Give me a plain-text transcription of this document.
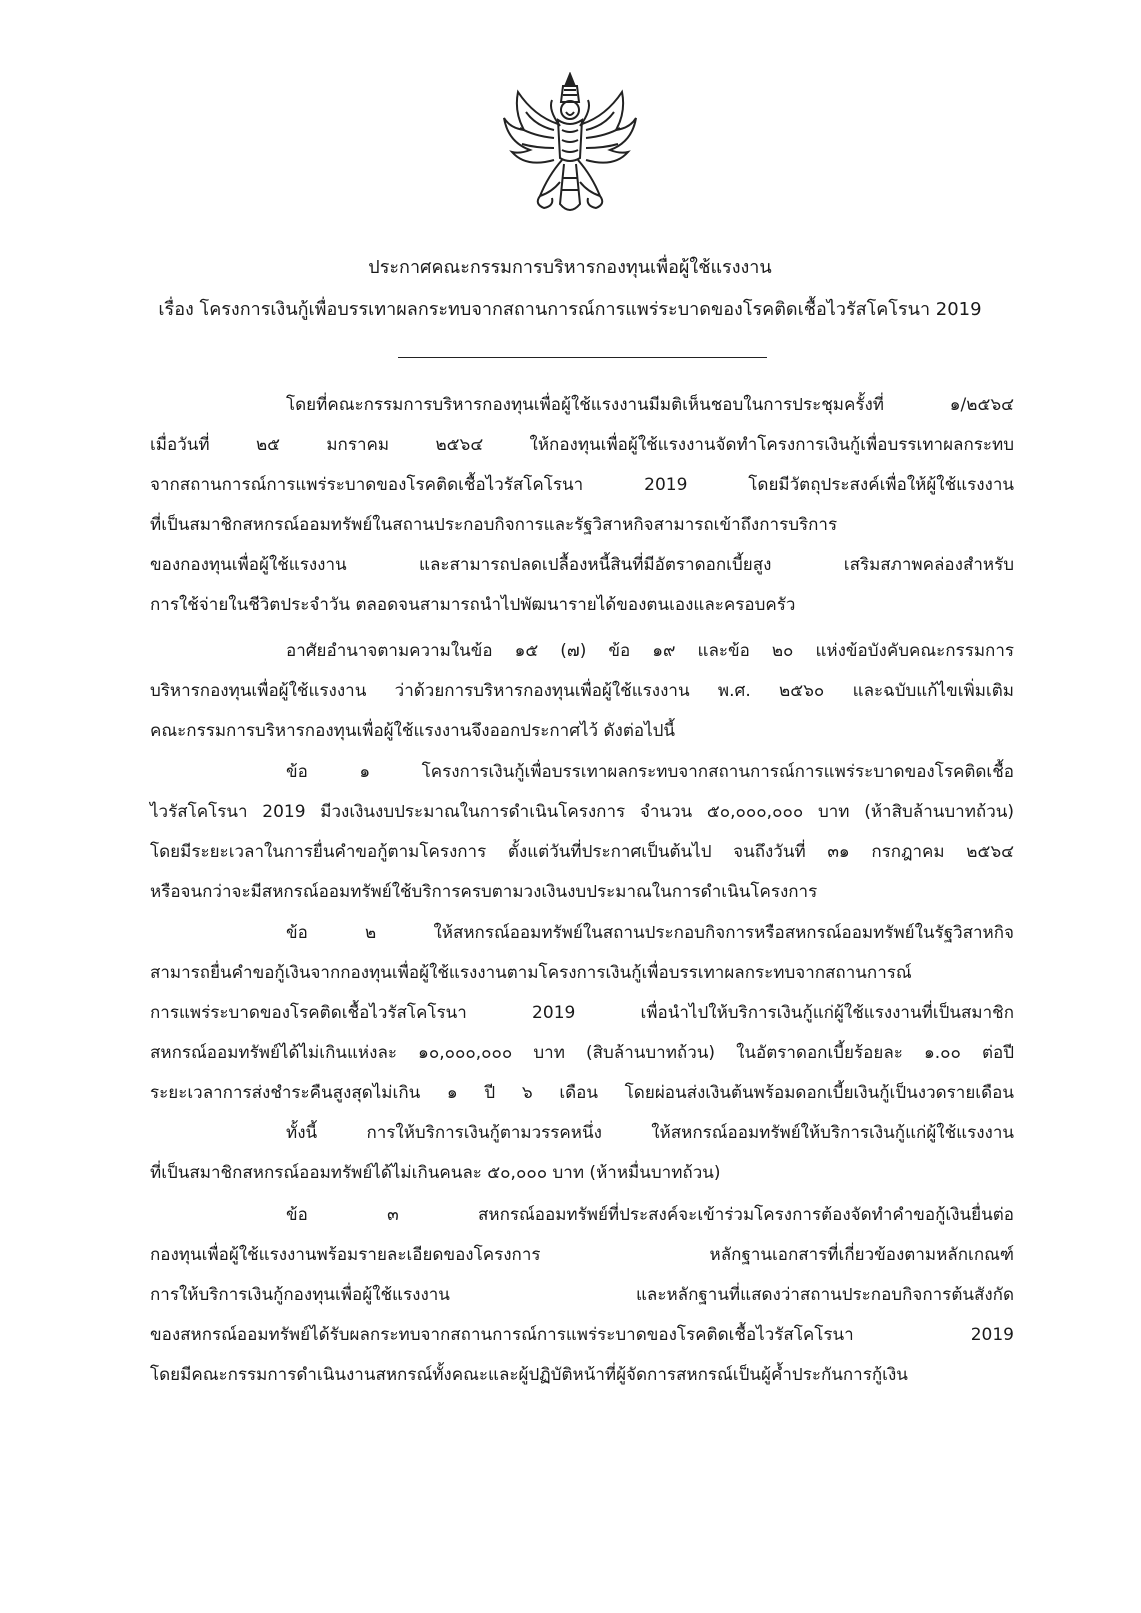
ประกาศคณะกรรมการบริหารกองทุนเพื่อผู้ใช้แรงงาน
เรื่อง โครงการเงินกู้เพื่อบรรเทาผลกระทบจากสถานการณ์การแพร่ระบาดของโรคติดเชื้อไวรัสโคโรนา 2019
โดยที่คณะกรรมการบริหารกองทุนเพื่อผู้ใช้แรงงานมีมติเห็นชอบในการประชุมครั้งที่ ๑/๒๕๖๔
เมื่อวันที่ ๒๕ มกราคม ๒๕๖๔ ให้กองทุนเพื่อผู้ใช้แรงงานจัดทำโครงการเงินกู้เพื่อบรรเทาผลกระทบ
จากสถานการณ์การแพร่ระบาดของโรคติดเชื้อไวรัสโคโรนา 2019 โดยมีวัตถุประสงค์เพื่อให้ผู้ใช้แรงงาน
ที่เป็นสมาชิกสหกรณ์ออมทรัพย์ในสถานประกอบกิจการและรัฐวิสาหกิจสามารถเข้าถึงการบริการ
ของกองทุนเพื่อผู้ใช้แรงงาน และสามารถปลดเปลื้องหนี้สินที่มีอัตราดอกเบี้ยสูง เสริมสภาพคล่องสำหรับ
การใช้จ่ายในชีวิตประจำวัน ตลอดจนสามารถนำไปพัฒนารายได้ของตนเองและครอบครัว
อาศัยอำนาจตามความในข้อ ๑๕ (๗) ข้อ ๑๙ และข้อ ๒๐ แห่งข้อบังคับคณะกรรมการ
บริหารกองทุนเพื่อผู้ใช้แรงงาน ว่าด้วยการบริหารกองทุนเพื่อผู้ใช้แรงงาน พ.ศ. ๒๕๖๐ และฉบับแก้ไขเพิ่มเติม
คณะกรรมการบริหารกองทุนเพื่อผู้ใช้แรงงานจึงออกประกาศไว้ ดังต่อไปนี้
ข้อ ๑ โครงการเงินกู้เพื่อบรรเทาผลกระทบจากสถานการณ์การแพร่ระบาดของโรคติดเชื้อ
ไวรัสโคโรนา 2019 มีวงเงินงบประมาณในการดำเนินโครงการ จำนวน ๕๐,๐๐๐,๐๐๐ บาท (ห้าสิบล้านบาทถ้วน)
โดยมีระยะเวลาในการยื่นคำขอกู้ตามโครงการ ตั้งแต่วันที่ประกาศเป็นต้นไป จนถึงวันที่ ๓๑ กรกฎาคม ๒๕๖๔
หรือจนกว่าจะมีสหกรณ์ออมทรัพย์ใช้บริการครบตามวงเงินงบประมาณในการดำเนินโครงการ
ข้อ ๒ ให้สหกรณ์ออมทรัพย์ในสถานประกอบกิจการหรือสหกรณ์ออมทรัพย์ในรัฐวิสาหกิจ
สามารถยื่นคำขอกู้เงินจากกองทุนเพื่อผู้ใช้แรงงานตามโครงการเงินกู้เพื่อบรรเทาผลกระทบจากสถานการณ์
การแพร่ระบาดของโรคติดเชื้อไวรัสโคโรนา 2019 เพื่อนำไปให้บริการเงินกู้แก่ผู้ใช้แรงงานที่เป็นสมาชิก
สหกรณ์ออมทรัพย์ได้ไม่เกินแห่งละ ๑๐,๐๐๐,๐๐๐ บาท (สิบล้านบาทถ้วน) ในอัตราดอกเบี้ยร้อยละ ๑.๐๐ ต่อปี
ระยะเวลาการส่งชำระคืนสูงสุดไม่เกิน ๑ ปี ๖ เดือน โดยผ่อนส่งเงินต้นพร้อมดอกเบี้ยเงินกู้เป็นงวดรายเดือน
ทั้งนี้ การให้บริการเงินกู้ตามวรรคหนึ่ง ให้สหกรณ์ออมทรัพย์ให้บริการเงินกู้แก่ผู้ใช้แรงงาน
ที่เป็นสมาชิกสหกรณ์ออมทรัพย์ได้ไม่เกินคนละ ๕๐,๐๐๐ บาท (ห้าหมื่นบาทถ้วน)
ข้อ ๓ สหกรณ์ออมทรัพย์ที่ประสงค์จะเข้าร่วมโครงการต้องจัดทำคำขอกู้เงินยื่นต่อ
กองทุนเพื่อผู้ใช้แรงงานพร้อมรายละเอียดของโครงการ หลักฐานเอกสารที่เกี่ยวข้องตามหลักเกณฑ์
การให้บริการเงินกู้กองทุนเพื่อผู้ใช้แรงงาน และหลักฐานที่แสดงว่าสถานประกอบกิจการต้นสังกัด
ของสหกรณ์ออมทรัพย์ได้รับผลกระทบจากสถานการณ์การแพร่ระบาดของโรคติดเชื้อไวรัสโคโรนา 2019
โดยมีคณะกรรมการดำเนินงานสหกรณ์ทั้งคณะและผู้ปฏิบัติหน้าที่ผู้จัดการสหกรณ์เป็นผู้ค้ำประกันการกู้เงิน
